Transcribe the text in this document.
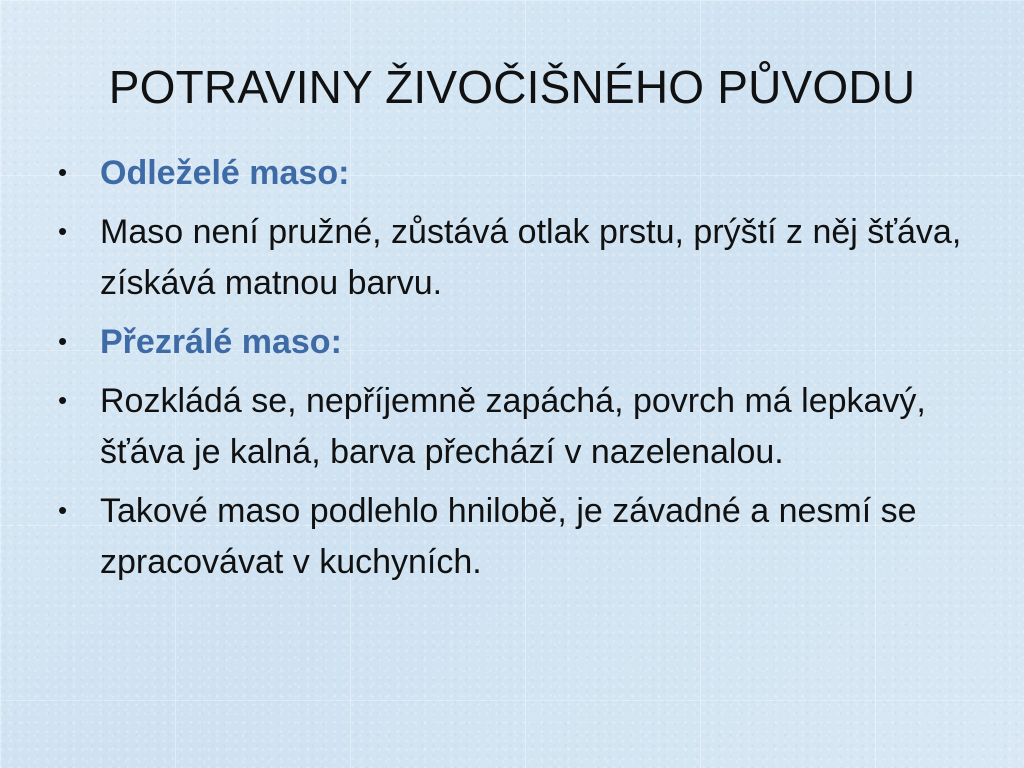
POTRAVINY ŽIVOČIŠNÉHO PŮVODU
• Odleželé maso:
• Maso není pružné, zůstává otlak prstu, prýští z něj šťáva, získává matnou barvu.
• Přezrálé maso:
• Rozkládá se, nepříjemně zapáchá, povrch má lepkavý, šťáva je kalná, barva přechází v nazelenalou.
• Takové maso podlehlo hnilobě, je závadné a nesmí se zpracovávat v kuchyních.
